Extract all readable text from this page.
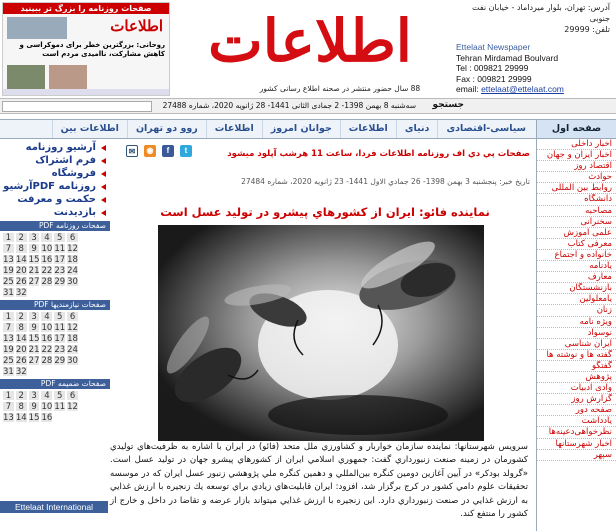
صفحات روزنامه را بزرگ تر ببینید
اطلاعات
روحانی: بزرگترین خطر برای دموکراسی و کاهش مشارکت، ناامیدی مردم است اطلاعات
88 سال حضور منتشر در صحنه اطلاع رسانی کشور
آدرس: تهران، بلوار میرداماد - خیابان نفت
جنوبی
تلفن: 29999
Ettelaat Newspaper
Tehran Mirdamad Boulvard
Tel : 009821 29999
Fax : 009821 29999
email: ettelaat@ettelaat.com
جستجو
سه‌شنبه 8 بهمن 1398- 2 جمادی الثانی 1441- 28 ژانویه 2020، شماره 27488
صفحه اول
سیاسی-اقتصادی
دنیای
اطلاعات
جوانان امروز
اطلاعات
روو دو تهران
اطلاعات بین
اخبار داخلی
اخبار ایران و جهان
اقتصاد روز
حوادث
روابط بین المللی
دانشگاه
مصاحبه
سخنرانی
علمی آموزش
معرفی کتاب
خانواده و اجتماع
یادنامه
معارف
بازنشستگان
یامعلولین
زنان
ویژه نامه
نوسواد
ایران شناسی
گفته ها و نوشته ها
گفتگو
پژوهش
وادی ادبیات
گزارش روز
صفحه دور
یادداشت
نظرخواهی‌دعینه‌ها
اخبار شهرستانها
سپهر
آرشیو روزنامه
فرم اشتراک
فروشگاه
روزنامه PDFآرشیو
حکمت و معرفت
بازدیدنت
صفحات روزنامه PDF
1 2 3 4 5 6
7 8 9 10 11 12
13 14 15 16 17 18
19 20 21 22 23 24
25 26 27 28 29 30
31 32
صفحات نیازمندیها PDF
1 2 3 4 5 6
7 8 9 10 11 12
13 14 15 16 17 18
19 20 21 22 23 24
25 26 27 28 29 30
31 32
صفحات ضمیمه PDF
1 2 3 4 5 6
7 8 9 10 11 12
13 14 15 16
Ettelaat International
✉	◉	f	t	صفحات پي دي اف روزنامه اطلاعات فردا، ساعت 11 هرشب آپلود ميشود
تاريخ خبر: پنجشنبه 3 بهمن 1398- 26 جمادي الاول 1441- 23 ژانويه 2020، شماره 27484
نماينده فائو: ايران از كشورهاي پيشرو در توليد عسل است
سرويس شهرستانها: نماينده سازمان خواربار و كشاورزي ملل متحد (فائو) در ايران با اشاره به ظرفيت‌هاي توليدي كشورمان در زمينه صنعت زنبورداري گفت: جمهوري اسلامي ايران از كشورهاي پيشرو جهان در توليد عسل است. «گرولد بودكر» در آيين آغازين دومين كنگره بين‌المللي و دهمين كنگره ملي پژوهشي زنبور عسل ايران كه در موسسه تحقيقات علوم دامي كشور در كرج برگزار شد، افزود: ايران قابليت‌هاي زيادي براي توسعه يك زنجيره با ارزش غذايي به ارزش غذايي در صنعت زنبورداري دارد. اين زنجيره با ارزش غذايي ميتواند بازار عرضه و تقاضا در داخل و خارج از كشور را منتفع كند.
